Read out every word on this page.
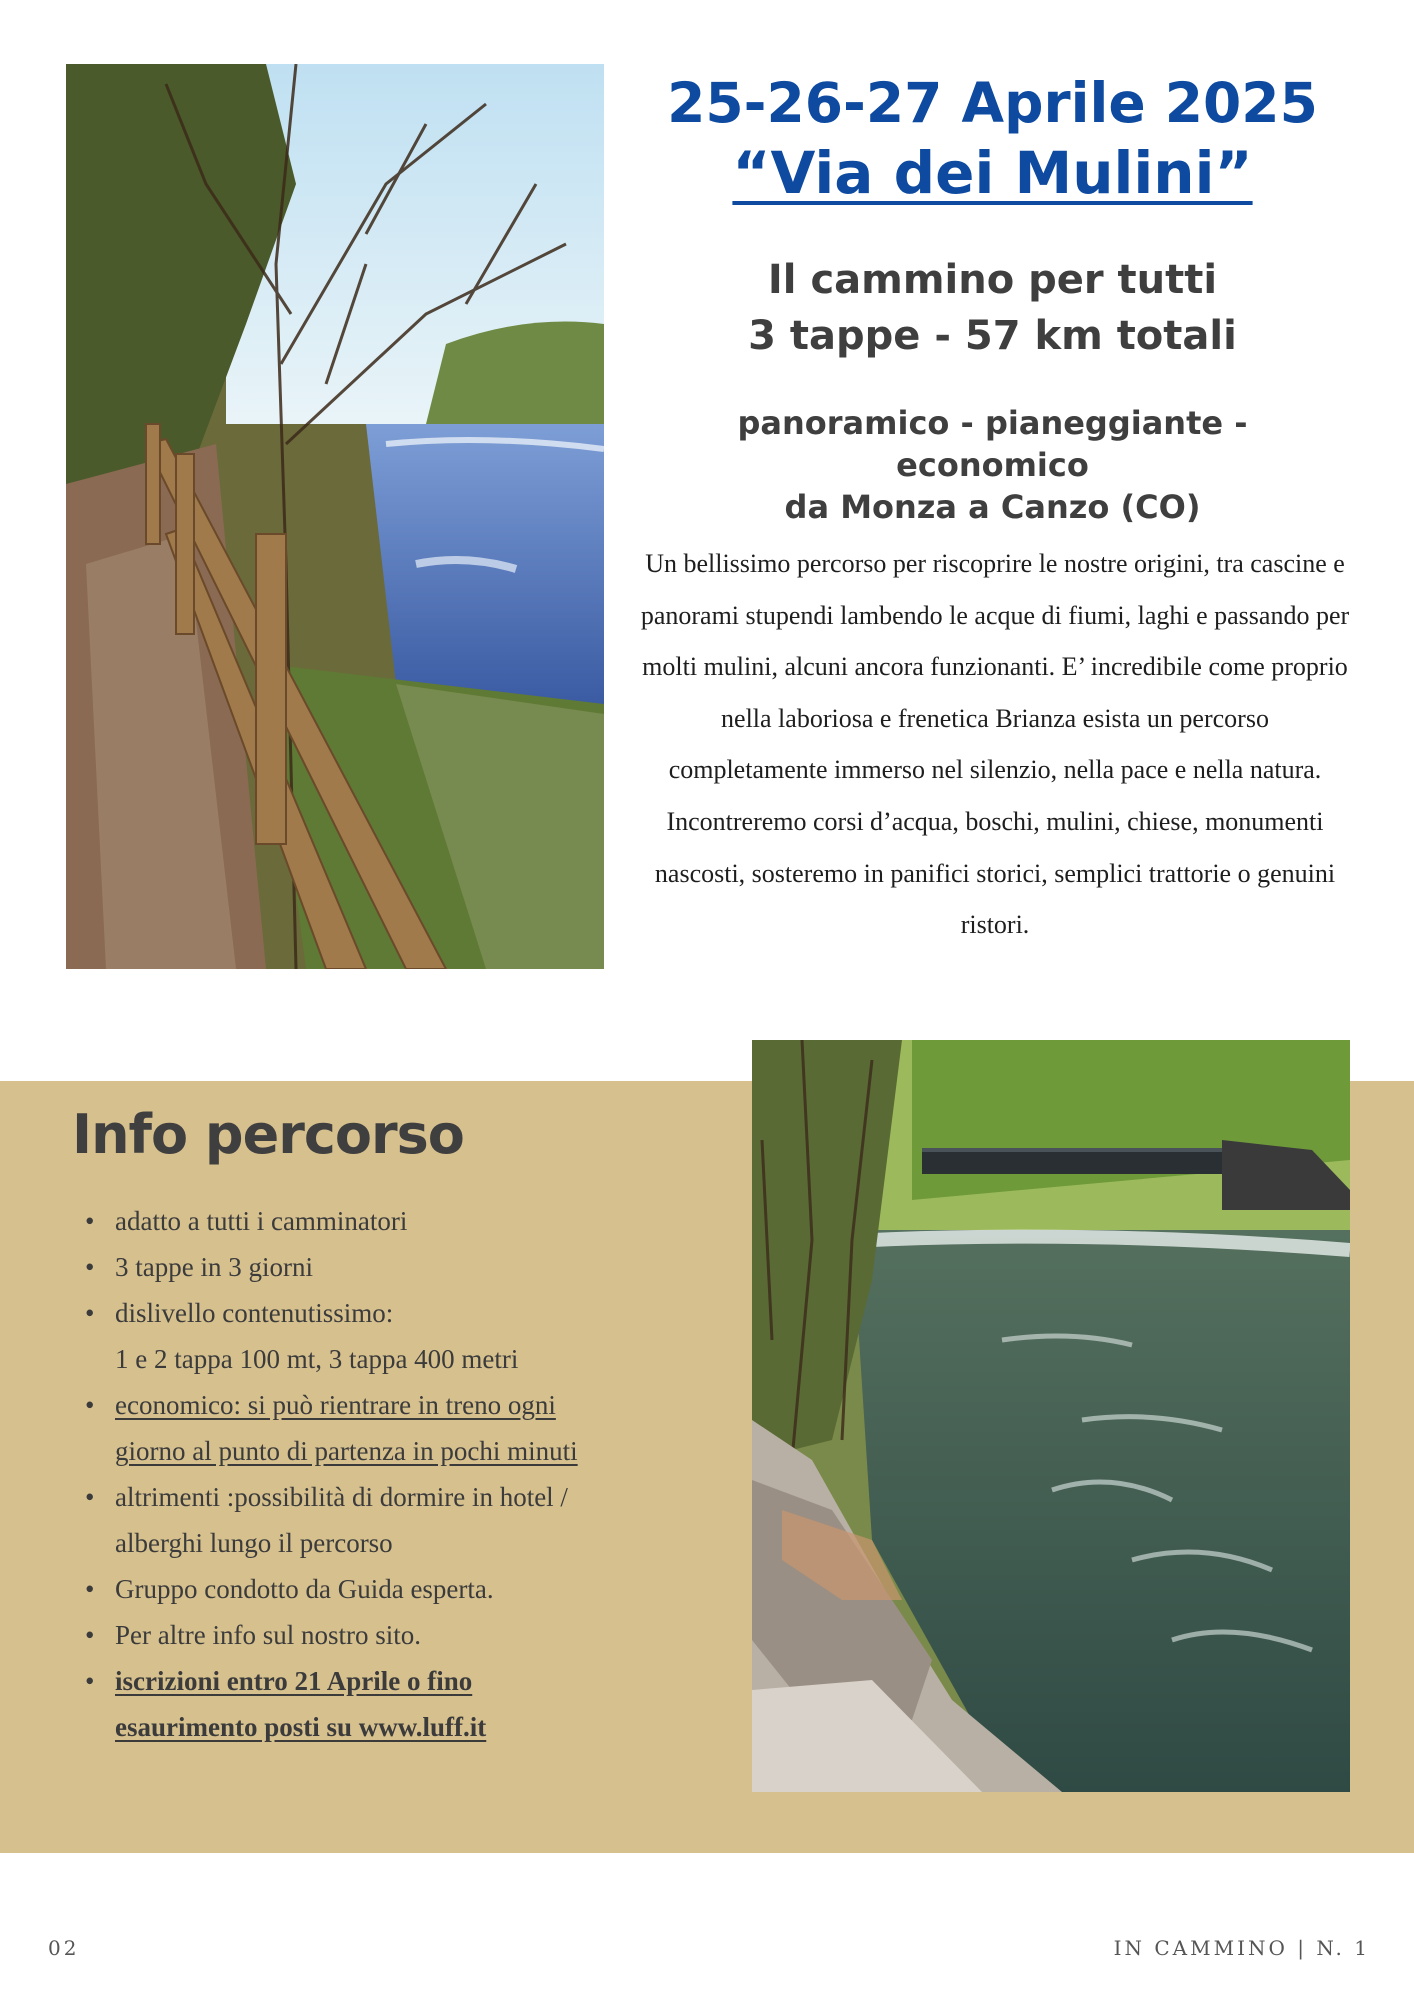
25-26-27 Aprile 2025
“Via dei Mulini”
Il cammino per tutti
3 tappe - 57 km totali
panoramico - pianeggiante -
economico
da Monza a Canzo (CO)

Un bellissimo percorso per riscoprire le nostre origini, tra cascine e panorami stupendi lambendo le acque di fiumi, laghi e passando per molti mulini, alcuni ancora funzionanti. E’ incredibile come proprio nella laboriosa e frenetica Brianza esista un percorso completamente immerso nel silenzio, nella pace e nella natura. Incontreremo corsi d’acqua, boschi, mulini, chiese, monumenti nascosti, sosteremo in panifici storici, semplici trattorie o genuini ristori.

Info percorso
• adatto a tutti i camminatori
• 3 tappe in 3 giorni
• dislivello contenutissimo:
1 e 2 tappa 100 mt, 3 tappa 400 metri
• economico: si può rientrare in treno ogni
giorno al punto di partenza in pochi minuti
• altrimenti :possibilità di dormire in hotel /
alberghi lungo il percorso
• Gruppo condotto da Guida esperta.
• Per altre info sul nostro sito.
• iscrizioni entro 21 Aprile o fino
esaurimento posti su www.luff.it
02	IN CAMMINO | N. 1
